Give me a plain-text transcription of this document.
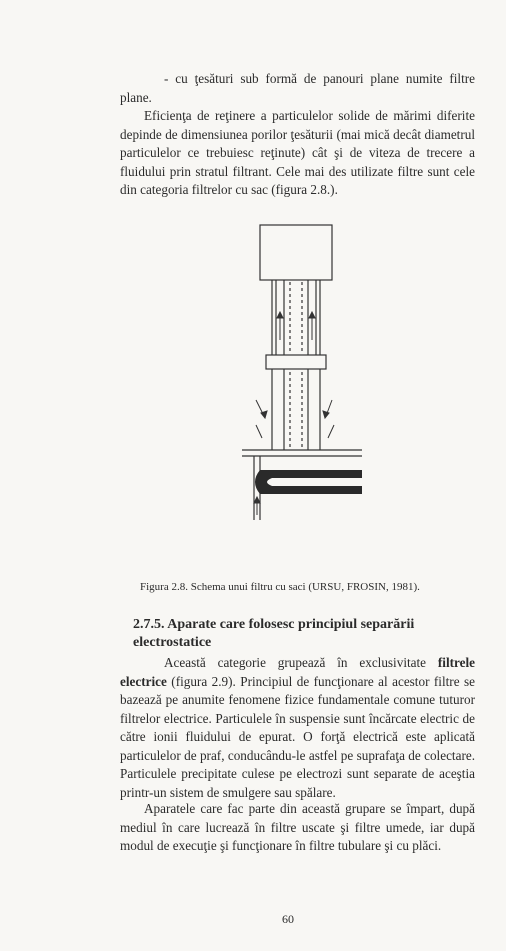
- cu ţesături sub formă de panouri plane numite filtre plane.

Eficienţa de reţinere a particulelor solide de mărimi diferite depinde de dimensiunea porilor ţesăturii (mai mică decât diametrul particulelor ce trebuiesc reţinute) cât şi de viteza de trecere a fluidului prin stratul filtrant. Cele mai des utilizate filtre sunt cele din categoria filtrelor cu sac (figura 2.8.).

Figura 2.8. Schema unui filtru cu saci (URSU, FROSIN, 1981).

2.7.5. Aparate care folosesc principiul separării electrostatice

Această categorie grupează în exclusivitate filtrele electrice (figura 2.9). Principiul de funcţionare al acestor filtre se bazează pe anumite fenomene fizice fundamentale comune tuturor filtrelor electrice. Particulele în suspensie sunt încărcate electric de către ionii fluidului de epurat. O forţă electrică este aplicată particulelor de praf, conducându-le astfel pe suprafaţa de colectare. Particulele precipitate culese pe electrozi sunt separate de aceştia printr-un sistem de smulgere sau spălare.

Aparatele care fac parte din această grupare se împart, după mediul în care lucrează în filtre uscate şi filtre umede, iar după modul de execuţie şi funcţionare în filtre tubulare şi cu plăci.

60
